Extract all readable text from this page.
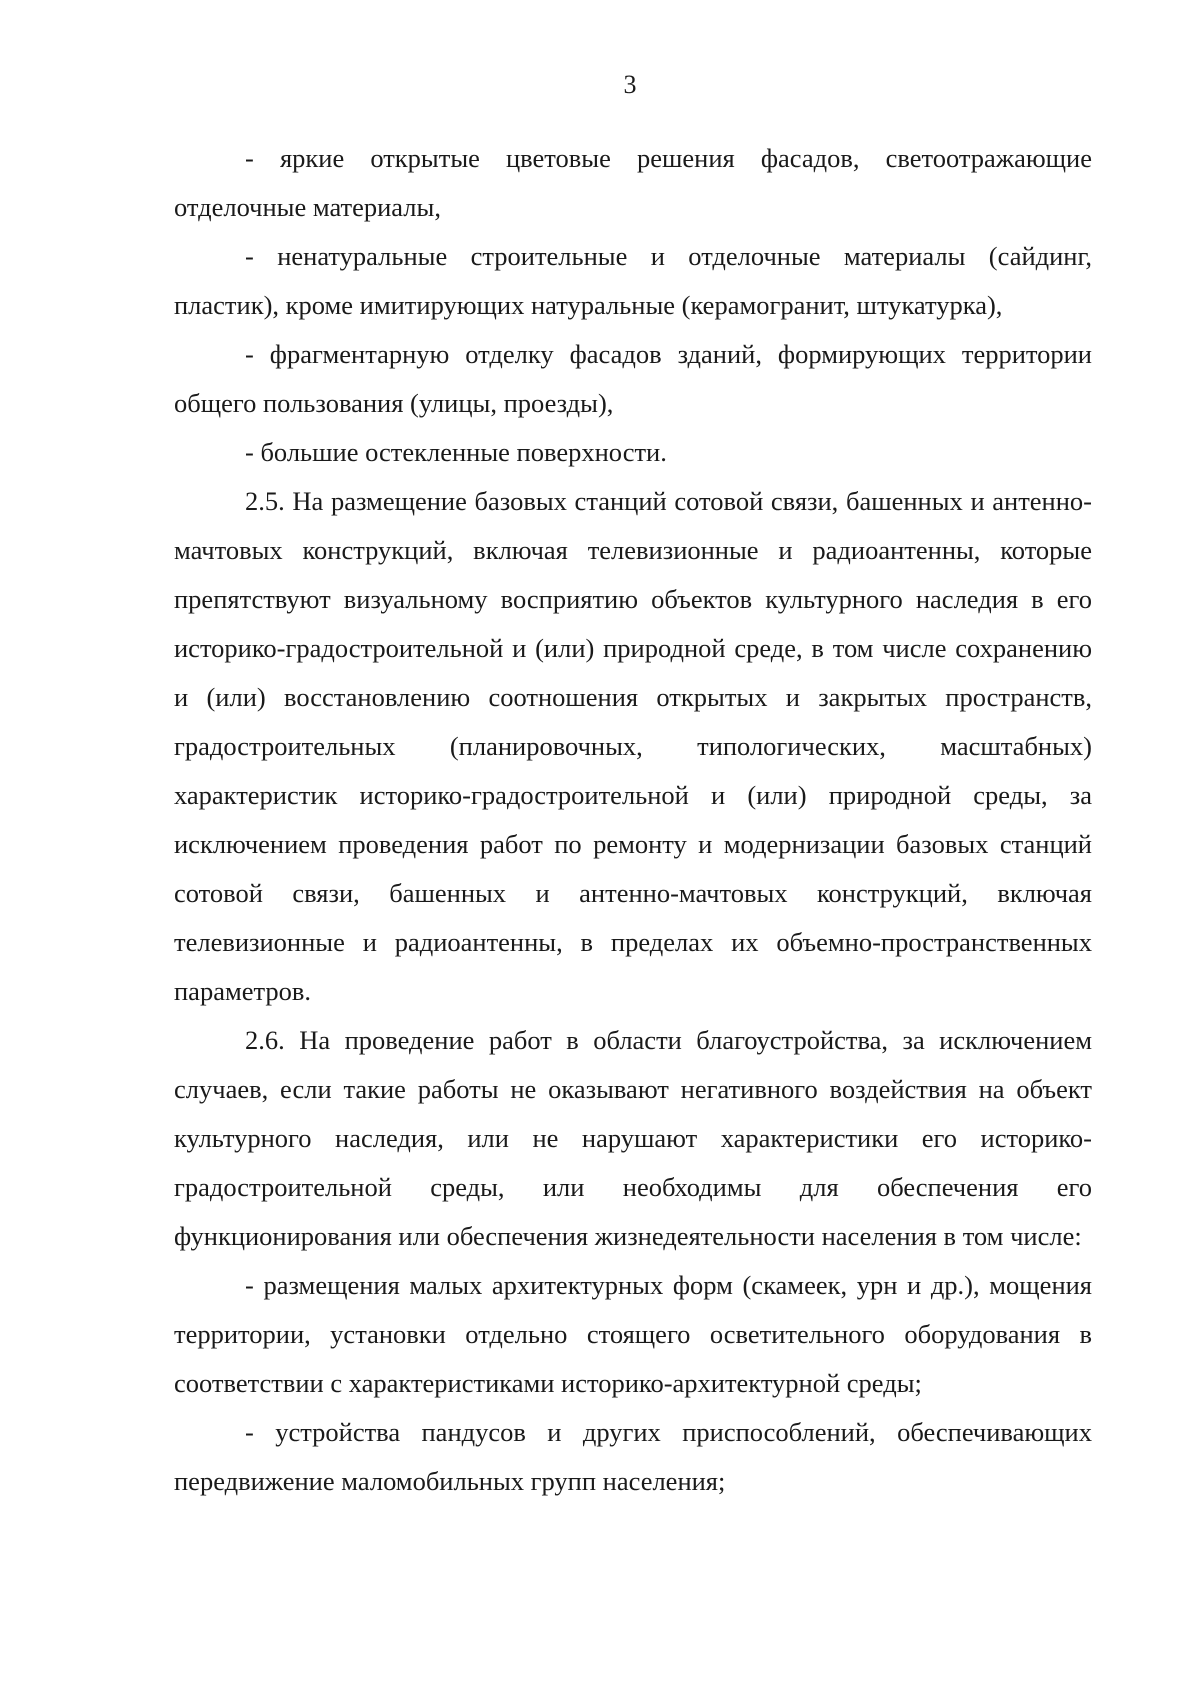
3

- яркие открытые цветовые решения фасадов, светоотражающие отделочные материалы,

- ненатуральные строительные и отделочные материалы (сайдинг, пластик), кроме имитирующих натуральные (керамогранит, штукатурка),

- фрагментарную отделку фасадов зданий, формирующих территории общего пользования (улицы, проезды),

- большие остекленные поверхности.

2.5. На размещение базовых станций сотовой связи, башенных и антенно- мачтовых конструкций, включая телевизионные и радиоантенны, которые препятствуют визуальному восприятию объектов культурного наследия в его историко-градостроительной и (или) природной среде, в том числе сохранению и (или) восстановлению соотношения открытых и закрытых пространств, градостроительных (планировочных, типологических, масштабных) характеристик историко-градостроительной и (или) природной среды, за исключением проведения работ по ремонту и модернизации базовых станций сотовой связи, башенных и антенно-мачтовых конструкций, включая телевизионные и радиоантенны, в пределах их объемно-пространственных параметров.

2.6. На проведение работ в области благоустройства, за исключением случаев, если такие работы не оказывают негативного воздействия на объект культурного наследия, или не нарушают характеристики его историко-градостроительной среды, или необходимы для обеспечения его функционирования или обеспечения жизнедеятельности населения в том числе:

- размещения малых архитектурных форм (скамеек, урн и др.), мощения территории, установки отдельно стоящего осветительного оборудования в соответствии с характеристиками историко-архитектурной среды;

- устройства пандусов и других приспособлений, обеспечивающих передвижение маломобильных групп населения;
